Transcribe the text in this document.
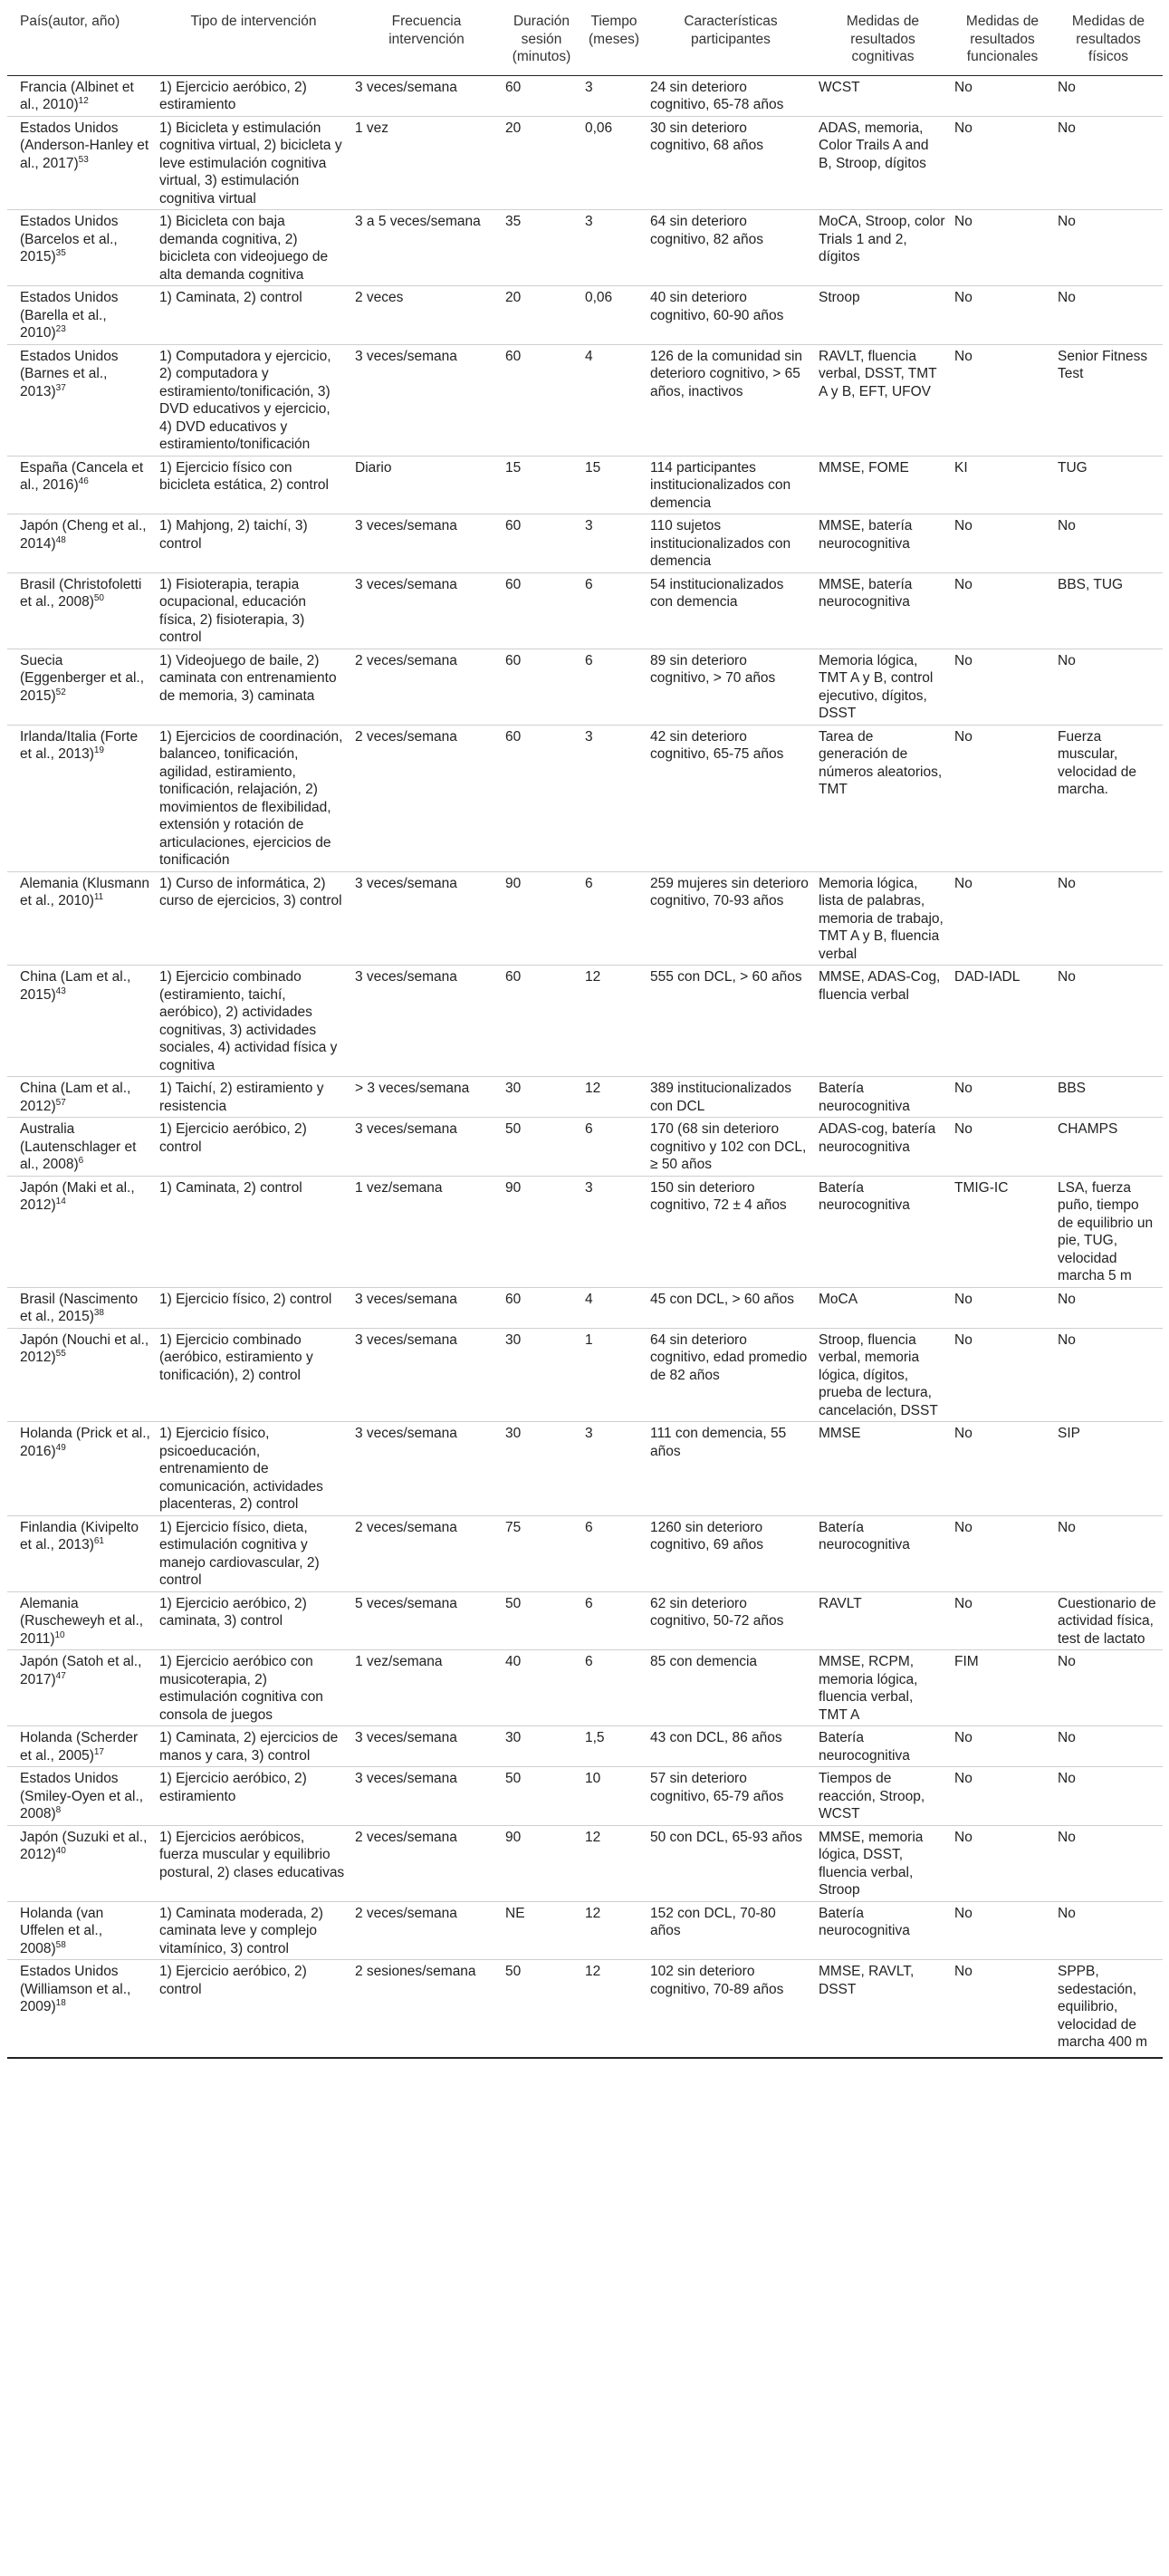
País(autor, año)	Tipo de intervención	Frecuencia intervención	Duración sesión (minutos)	Tiempo (meses)	Características participantes	Medidas de resultados cognitivas	Medidas de resultados funcionales	Medidas de resultados físicos
Francia (Albinet et al., 2010)$^{12}$	1) Ejercicio aeróbico, 2) estiramiento	3 veces/semana	60	3	24 sin deterioro cognitivo, 65-78 años	WCST	No	No
Estados Unidos (Anderson-Hanley et al., 2017)$^{53}$	1) Bicicleta y estimulación cognitiva virtual, 2) bicicleta y leve estimulación cognitiva virtual, 3) estimulación cognitiva virtual	1 vez	20	0,06	30 sin deterioro cognitivo, 68 años	ADAS, memoria, Color Trails A and B, Stroop, dígitos	No	No
Estados Unidos (Barcelos et al., 2015)$^{35}$	1) Bicicleta con baja demanda cognitiva, 2) bicicleta con videojuego de alta demanda cognitiva	3 a 5 veces/semana	35	3	64 sin deterioro cognitivo, 82 años	MoCA, Stroop, color Trials 1 and 2, dígitos	No	No
Estados Unidos (Barella et al., 2010)$^{23}$	1) Caminata, 2) control	2 veces	20	0,06	40 sin deterioro cognitivo, 60-90 años	Stroop	No	No
Estados Unidos (Barnes et al., 2013)$^{37}$	1) Computadora y ejercicio, 2) computadora y estiramiento/tonificación, 3) DVD educativos y ejercicio, 4) DVD educativos y estiramiento/tonificación	3 veces/semana	60	4	126 de la comunidad sin deterioro cognitivo, > 65 años, inactivos	RAVLT, fluencia verbal, DSST, TMT A y B, EFT, UFOV	No	Senior Fitness Test
España (Cancela et al., 2016)$^{46}$	1) Ejercicio físico con bicicleta estática, 2) control	Diario	15	15	114 participantes institucionalizados con demencia	MMSE, FOME	KI	TUG
Japón (Cheng et al., 2014)$^{48}$	1) Mahjong, 2) taichí, 3) control	3 veces/semana	60	3	110 sujetos institucionalizados con demencia	MMSE, batería neurocognitiva	No	No
Brasil (Christofoletti et al., 2008)$^{50}$	1) Fisioterapia, terapia ocupacional, educación física, 2) fisioterapia, 3) control	3 veces/semana	60	6	54 institucionalizados con demencia	MMSE, batería neurocognitiva	No	BBS, TUG
Suecia (Eggenberger et al., 2015)$^{52}$	1) Videojuego de baile, 2) caminata con entrenamiento de memoria, 3) caminata	2 veces/semana	60	6	89 sin deterioro cognitivo, > 70 años	Memoria lógica, TMT A y B, control ejecutivo, dígitos, DSST	No	No
Irlanda/Italia (Forte et al., 2013)$^{19}$	1) Ejercicios de coordinación, balanceo, tonificación, agilidad, estiramiento, tonificación, relajación, 2) movimientos de flexibilidad, extensión y rotación de articulaciones, ejercicios de tonificación	2 veces/semana	60	3	42 sin deterioro cognitivo, 65-75 años	Tarea de generación de números aleatorios, TMT	No	Fuerza muscular, velocidad de marcha.
Alemania (Klusmann et al., 2010)$^{11}$	1) Curso de informática, 2) curso de ejercicios, 3) control	3 veces/semana	90	6	259 mujeres sin deterioro cognitivo, 70-93 años	Memoria lógica, lista de palabras, memoria de trabajo, TMT A y B, fluencia verbal	No	No
China (Lam et al., 2015)$^{43}$	1) Ejercicio combinado (estiramiento, taichí, aeróbico), 2) actividades cognitivas, 3) actividades sociales, 4) actividad física y cognitiva	3 veces/semana	60	12	555 con DCL, > 60 años	MMSE, ADAS-Cog, fluencia verbal	DAD-IADL	No
China (Lam et al., 2012)$^{57}$	1) Taichí, 2) estiramiento y resistencia	> 3 veces/semana	30	12	389 institucionalizados con DCL	Batería neurocognitiva	No	BBS
Australia (Lautenschlager et al., 2008)$^6$	1) Ejercicio aeróbico, 2) control	3 veces/semana	50	6	170 (68 sin deterioro cognitivo y 102 con DCL, ≥ 50 años	ADAS-cog, batería neurocognitiva	No	CHAMPS
Japón (Maki et al., 2012)$^{14}$	1) Caminata, 2) control	1 vez/semana	90	3	150 sin deterioro cognitivo, 72 ± 4 años	Batería neurocognitiva	TMIG-IC	LSA, fuerza puño, tiempo de equilibrio un pie, TUG, velocidad marcha 5 m
Brasil (Nascimento et al., 2015)$^{38}$	1) Ejercicio físico, 2) control	3 veces/semana	60	4	45 con DCL, > 60 años	MoCA	No	No
Japón (Nouchi et al., 2012)$^{55}$	1) Ejercicio combinado (aeróbico, estiramiento y tonificación), 2) control	3 veces/semana	30	1	64 sin deterioro cognitivo, edad promedio de 82 años	Stroop, fluencia verbal, memoria lógica, dígitos, prueba de lectura, cancelación, DSST	No	No
Holanda (Prick et al., 2016)$^{49}$	1) Ejercicio físico, psicoeducación, entrenamiento de comunicación, actividades placenteras, 2) control	3 veces/semana	30	3	111 con demencia, 55 años	MMSE	No	SIP
Finlandia (Kivipelto et al., 2013)$^{61}$	1) Ejercicio físico, dieta, estimulación cognitiva y manejo cardiovascular, 2) control	2 veces/semana	75	6	1260 sin deterioro cognitivo, 69 años	Batería neurocognitiva	No	No
Alemania (Ruscheweyh et al., 2011)$^{10}$	1) Ejercicio aeróbico, 2) caminata, 3) control	5 veces/semana	50	6	62 sin deterioro cognitivo, 50-72 años	RAVLT	No	Cuestionario de actividad física, test de lactato
Japón (Satoh et al., 2017)$^{47}$	1) Ejercicio aeróbico con musicoterapia, 2) estimulación cognitiva con consola de juegos	1 vez/semana	40	6	85 con demencia	MMSE, RCPM, memoria lógica, fluencia verbal, TMT A	FIM	No
Holanda (Scherder et al., 2005)$^{17}$	1) Caminata, 2) ejercicios de manos y cara, 3) control	3 veces/semana	30	1,5	43 con DCL, 86 años	Batería neurocognitiva	No	No
Estados Unidos (Smiley-Oyen et al., 2008)$^8$	1) Ejercicio aeróbico, 2) estiramiento	3 veces/semana	50	10	57 sin deterioro cognitivo, 65-79 años	Tiempos de reacción, Stroop, WCST	No	No
Japón (Suzuki et al., 2012)$^{40}$	1) Ejercicios aeróbicos, fuerza muscular y equilibrio postural, 2) clases educativas	2 veces/semana	90	12	50 con DCL, 65-93 años	MMSE, memoria lógica, DSST, fluencia verbal, Stroop	No	No
Holanda (van Uffelen et al., 2008)$^{58}$	1) Caminata moderada, 2) caminata leve y complejo vitamínico, 3) control	2 veces/semana	NE	12	152 con DCL, 70-80 años	Batería neurocognitiva	No	No
Estados Unidos (Williamson et al., 2009)$^{18}$	1) Ejercicio aeróbico, 2) control	2 sesiones/semana	50	12	102 sin deterioro cognitivo, 70-89 años	MMSE, RAVLT, DSST	No	SPPB, sedestación, equilibrio, velocidad de marcha 400 m
